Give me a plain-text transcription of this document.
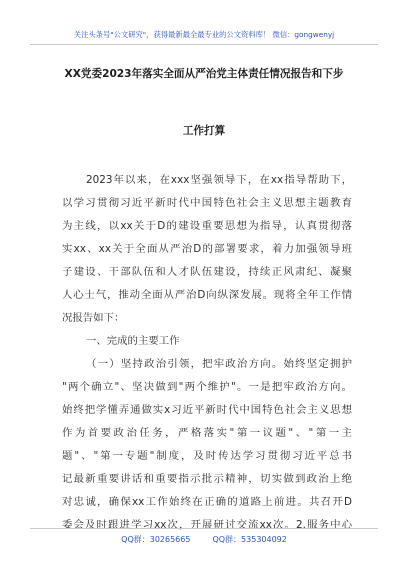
关注头条号"公文研究"，获得最新最全最专业的公文资料库！ 微信：gongwenyj
XX党委2023年落实全面从严治党主体责任情况报告和下步
工作打算
2023年以来，在xxx坚强领导下，在xx指导帮助下，
以学习贯彻习近平新时代中国特色社会主义思想主题教育
为主线，以xx关于D的建设重要思想为指导，认真贯彻落
实xx、xx关于全面从严治D的部署要求，着力加强领导班
子建设、干部队伍和人才队伍建设，持续正风肃纪、凝聚
人心士气，推动全面从严治D向纵深发展。现将全年工作情
况报告如下：
一、完成的主要工作
（一）坚持政治引领，把牢政治方向。始终坚定拥护
"两个确立"、坚决做到"两个维护"。一是把牢政治方向。
始终把学懂弄通做实x习近平新时代中国特色社会主义思想
作为首要政治任务，严格落实"第一议题"、"第一主
题"、"第一专题"制度，及时传达学习贯彻习近平总书
记最新重要讲话和重要指示批示精神，切实做到政治上绝
对忠诚，确保xx工作始终在正确的道路上前进。共召开D
委会及时跟进学习xx次，开展研讨交流xx次。2.服务中心
QQ群：30265665	QQ群：535304092
